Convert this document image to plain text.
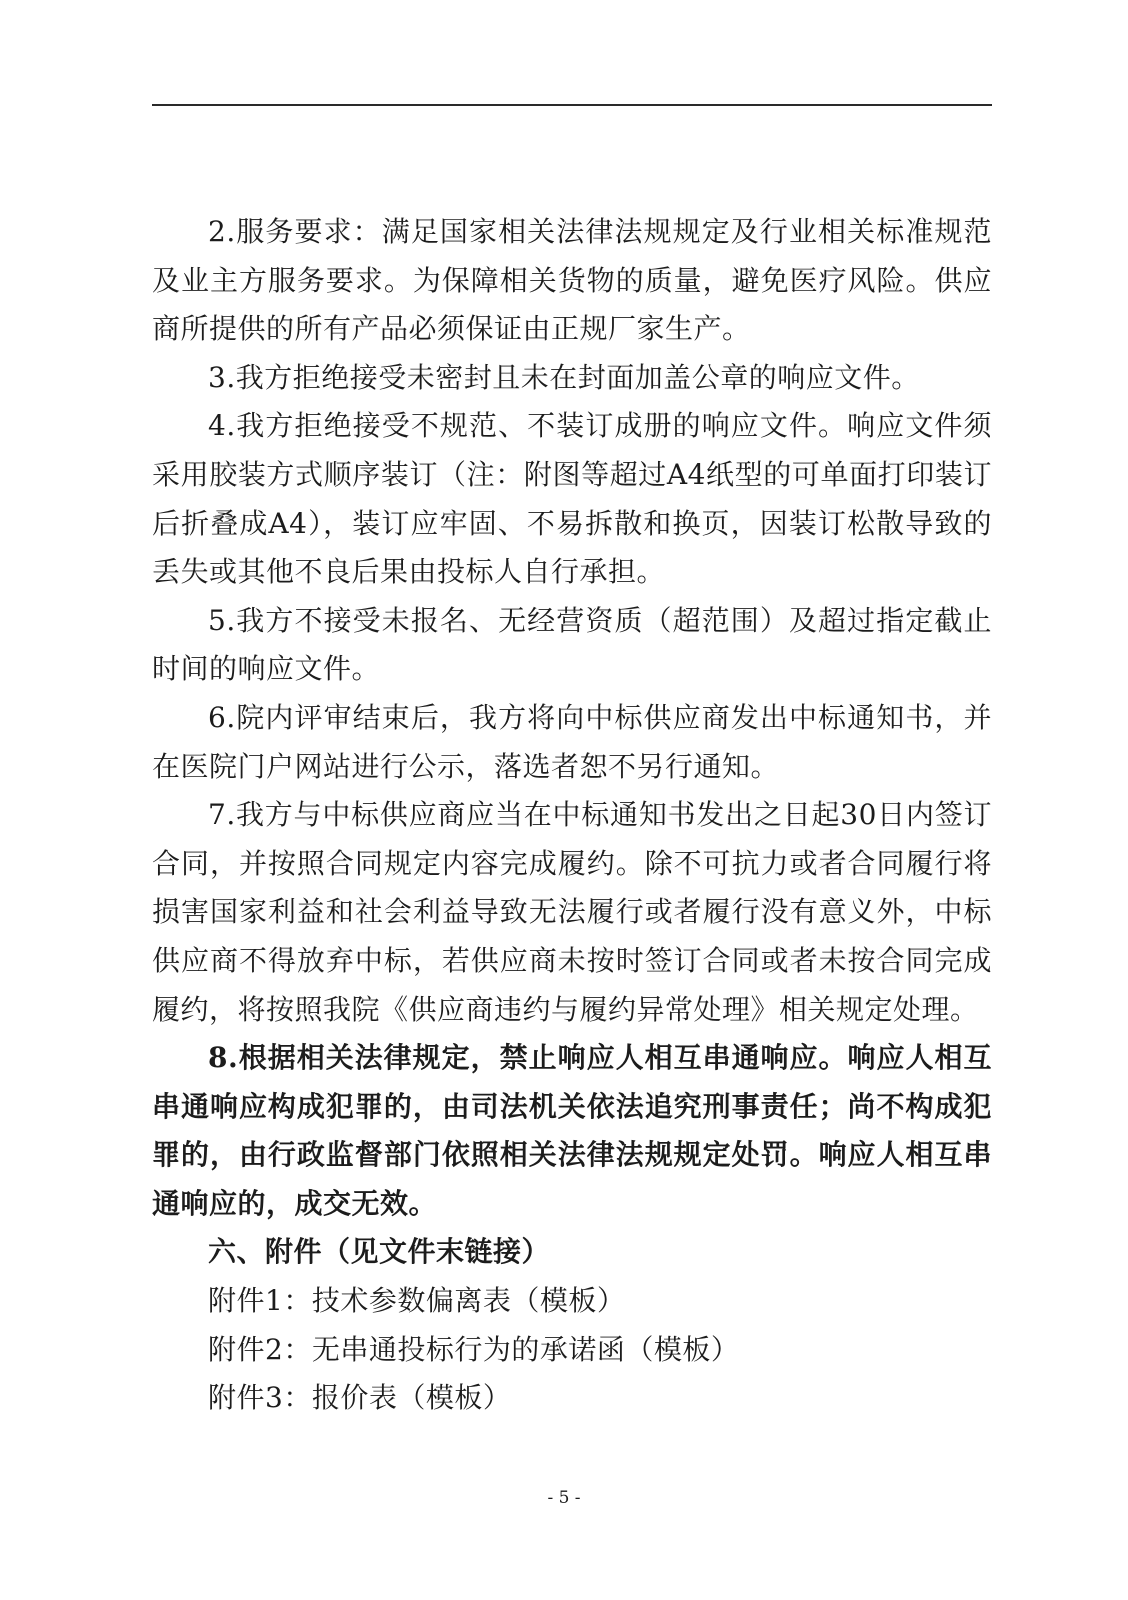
2.服务要求：满足国家相关法律法规规定及行业相关标准规范及业主方服务要求。为保障相关货物的质量，避免医疗风险。供应商所提供的所有产品必须保证由正规厂家生产。

3.我方拒绝接受未密封且未在封面加盖公章的响应文件。

4.我方拒绝接受不规范、不装订成册的响应文件。响应文件须采用胶装方式顺序装订（注：附图等超过A4纸型的可单面打印装订后折叠成A4），装订应牢固、不易拆散和换页，因装订松散导致的丢失或其他不良后果由投标人自行承担。

5.我方不接受未报名、无经营资质（超范围）及超过指定截止时间的响应文件。

6.院内评审结束后，我方将向中标供应商发出中标通知书，并在医院门户网站进行公示，落选者恕不另行通知。

7.我方与中标供应商应当在中标通知书发出之日起30日内签订合同，并按照合同规定内容完成履约。除不可抗力或者合同履行将损害国家利益和社会利益导致无法履行或者履行没有意义外，中标供应商不得放弃中标，若供应商未按时签订合同或者未按合同完成履约，将按照我院《供应商违约与履约异常处理》相关规定处理。

8.根据相关法律规定，禁止响应人相互串通响应。响应人相互串通响应构成犯罪的，由司法机关依法追究刑事责任；尚不构成犯罪的，由行政监督部门依照相关法律法规规定处罚。响应人相互串通响应的，成交无效。

六、附件（见文件末链接）

附件1：技术参数偏离表（模板）

附件2：无串通投标行为的承诺函（模板）

附件3：报价表（模板）

- 5 -
